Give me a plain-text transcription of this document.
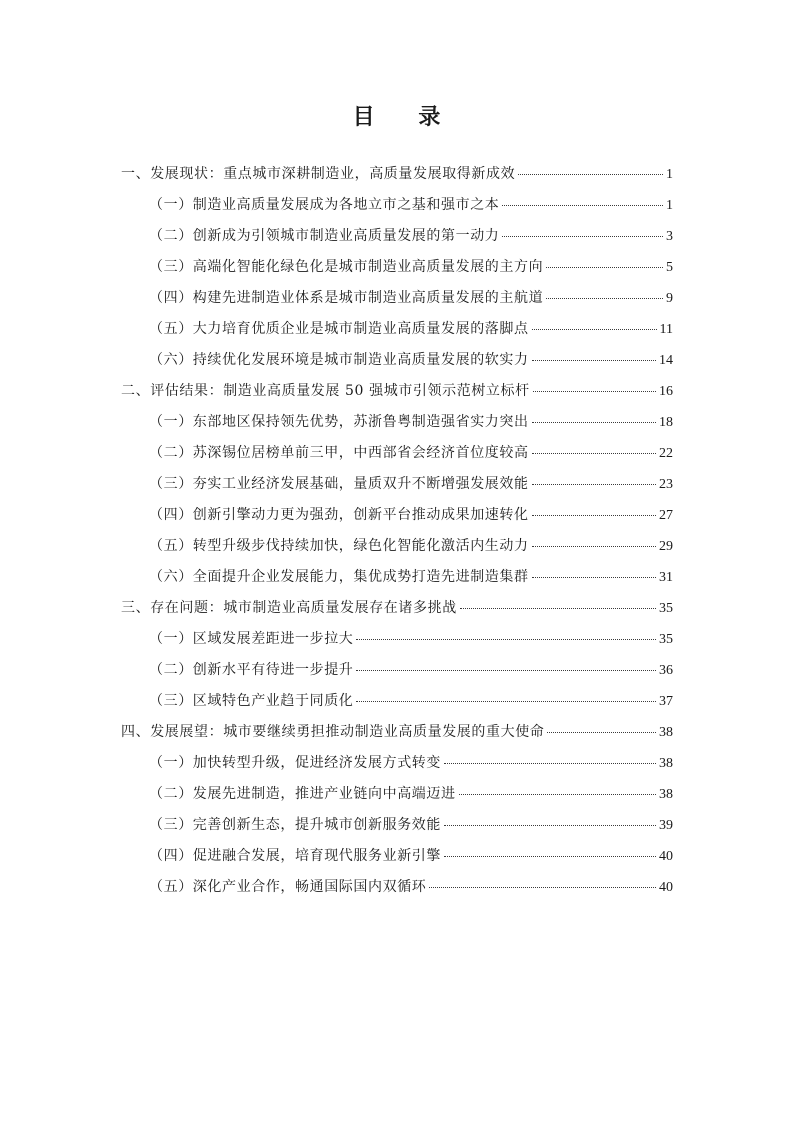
目 录
一、发展现状：重点城市深耕制造业，高质量发展取得新成效	1
（一）制造业高质量发展成为各地立市之基和强市之本	1
（二）创新成为引领城市制造业高质量发展的第一动力	3
（三）高端化智能化绿色化是城市制造业高质量发展的主方向	5
（四）构建先进制造业体系是城市制造业高质量发展的主航道	9
（五）大力培育优质企业是城市制造业高质量发展的落脚点	11
（六）持续优化发展环境是城市制造业高质量发展的软实力	14
二、评估结果：制造业高质量发展 50 强城市引领示范树立标杆	16
（一）东部地区保持领先优势，苏浙鲁粤制造强省实力突出	18
（二）苏深锡位居榜单前三甲，中西部省会经济首位度较高	22
（三）夯实工业经济发展基础，量质双升不断增强发展效能	23
（四）创新引擎动力更为强劲，创新平台推动成果加速转化	27
（五）转型升级步伐持续加快，绿色化智能化激活内生动力	29
（六）全面提升企业发展能力，集优成势打造先进制造集群	31
三、存在问题：城市制造业高质量发展存在诸多挑战	35
（一）区域发展差距进一步拉大	35
（二）创新水平有待进一步提升	36
（三）区域特色产业趋于同质化	37
四、发展展望：城市要继续勇担推动制造业高质量发展的重大使命	38
（一）加快转型升级，促进经济发展方式转变	38
（二）发展先进制造，推进产业链向中高端迈进	38
（三）完善创新生态，提升城市创新服务效能	39
（四）促进融合发展，培育现代服务业新引擎	40
（五）深化产业合作，畅通国际国内双循环	40
